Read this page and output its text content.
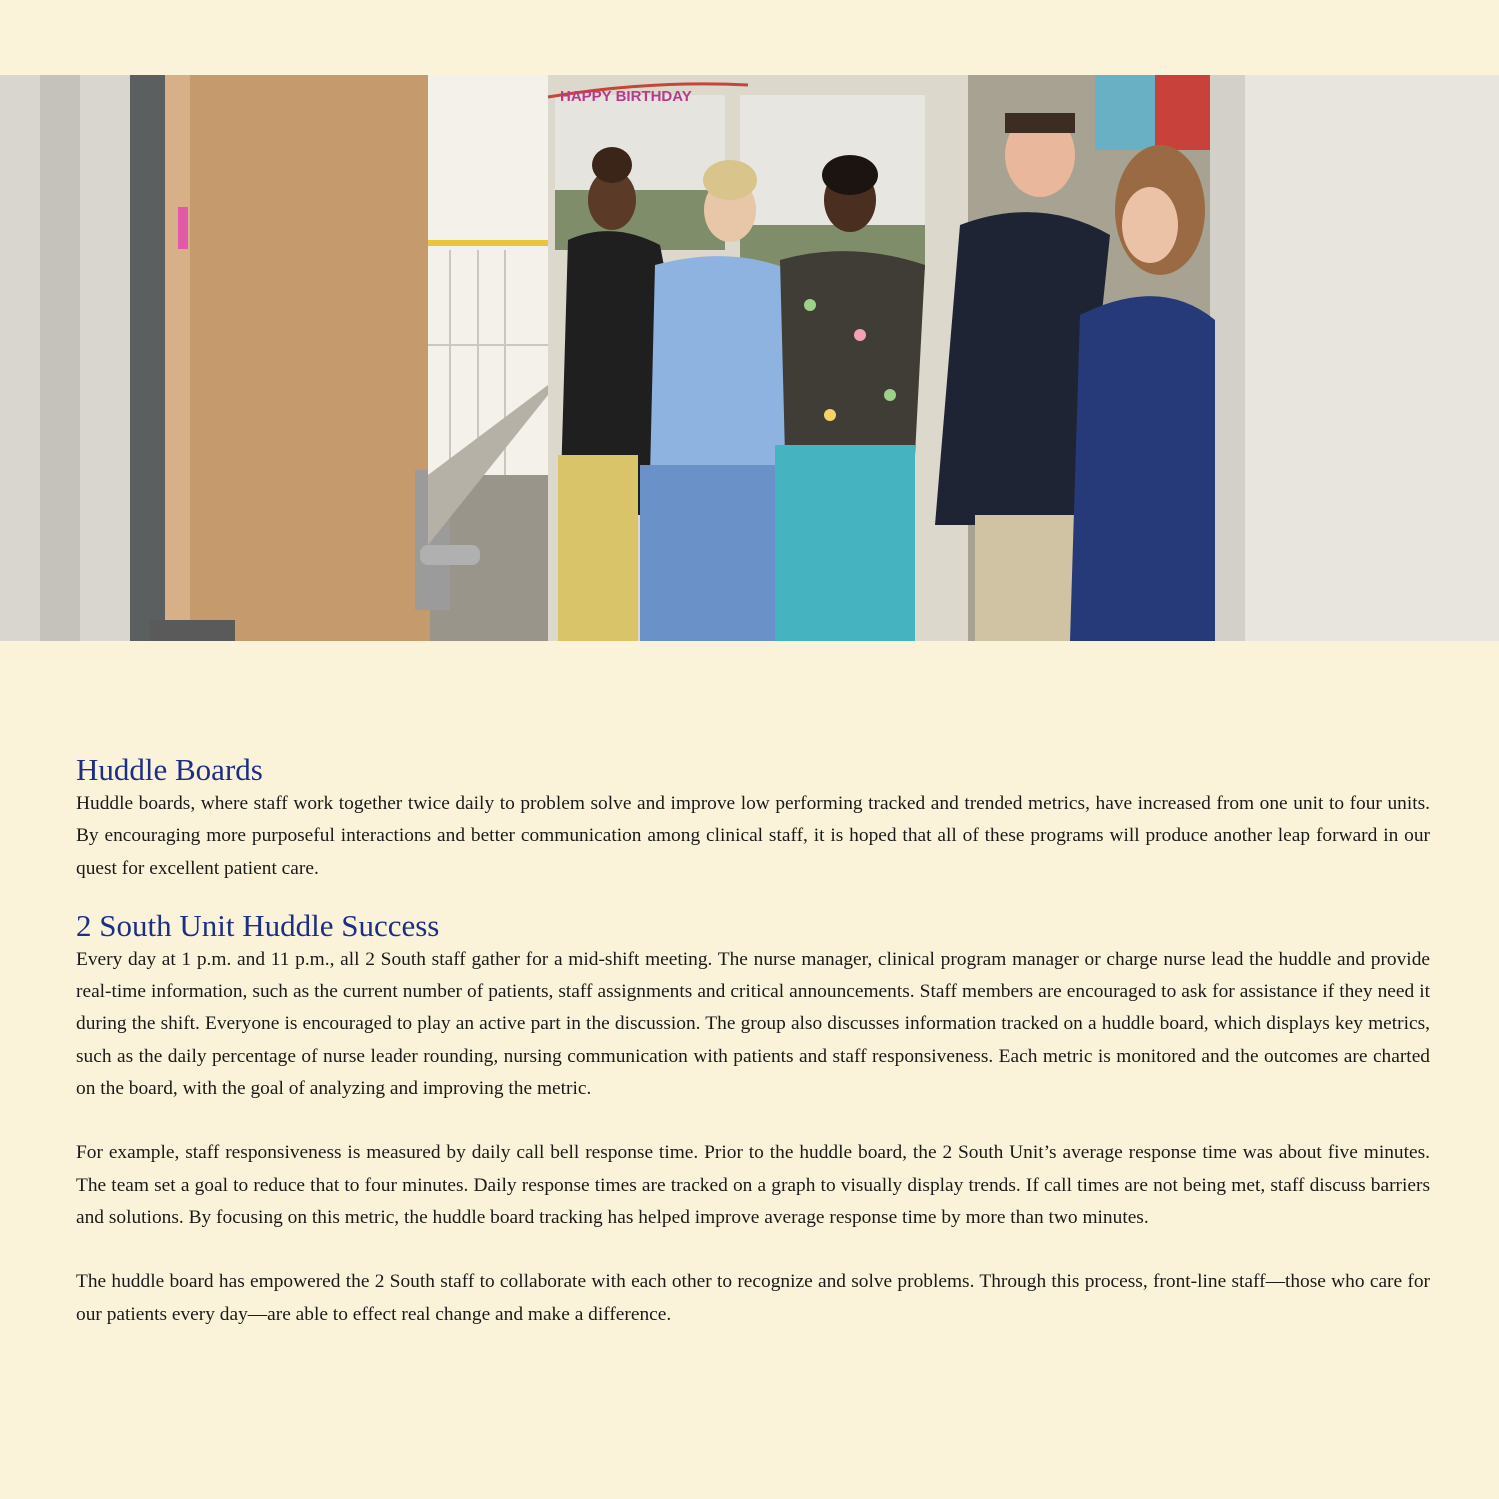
HAPPY BIRTHDAY
Huddle Boards

Huddle boards, where staff work together twice daily to problem solve and improve low performing tracked and trended metrics, have increased from one unit to four units. By encouraging more purposeful interactions and better communication among clinical staff, it is hoped that all of these programs will produce another leap forward in our quest for excellent patient care.

2 South Unit Huddle Success

Every day at 1 p.m. and 11 p.m., all 2 South staff gather for a mid-shift meeting. The nurse manager, clinical program manager or charge nurse lead the huddle and provide real-time information, such as the current number of patients, staff assignments and critical announcements. Staff members are encouraged to ask for assistance if they need it during the shift. Everyone is encouraged to play an active part in the discussion. The group also discusses information tracked on a huddle board, which displays key metrics, such as the daily percentage of nurse leader rounding, nursing communication with patients and staff responsiveness. Each metric is monitored and the outcomes are charted on the board, with the goal of analyzing and improving the metric.

For example, staff responsiveness is measured by daily call bell response time. Prior to the huddle board, the 2 South Unit’s average response time was about five minutes. The team set a goal to reduce that to four minutes. Daily response times are tracked on a graph to visually display trends. If call times are not being met, staff discuss barriers and solutions. By focusing on this metric, the huddle board tracking has helped improve average response time by more than two minutes.

The huddle board has empowered the 2 South staff to collaborate with each other to recognize and solve problems. Through this process, front-line staff—those who care for our patients every day—are able to effect real change and make a difference.
